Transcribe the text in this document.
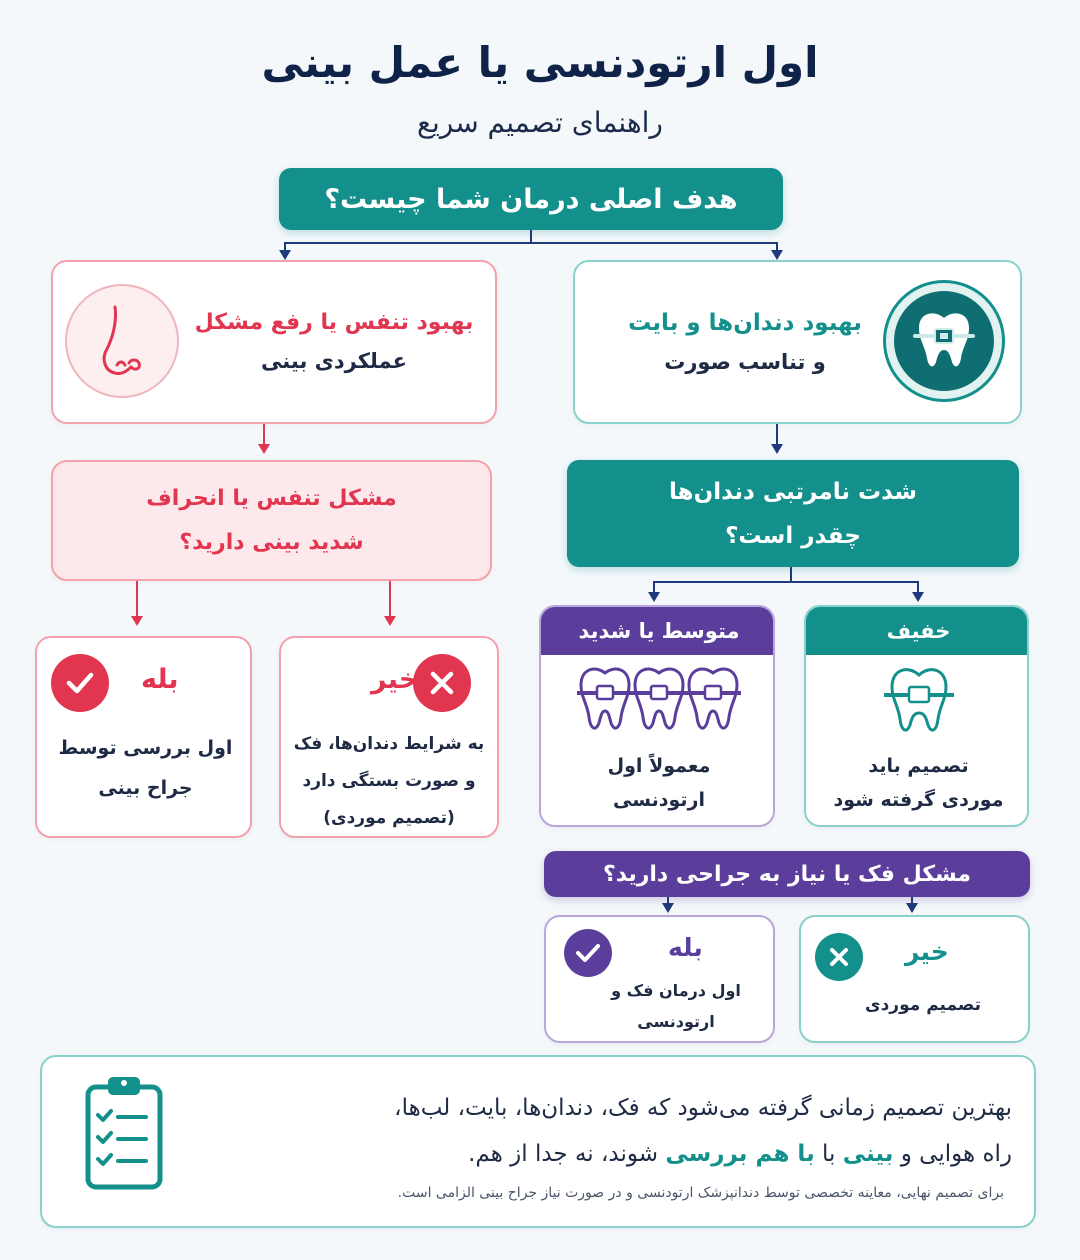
اول ارتودنسی یا عمل بینی
راهنمای تصمیم سریع
هدف اصلی درمان شما چیست؟
بهبود دندان‌ها و بایت
و تناسب صورت
بهبود تنفس یا رفع مشکل
عملکردی بینی
شدت نامرتبی دندان‌ها
چقدر است؟
مشکل تنفس یا انحراف
شدید بینی دارید؟
متوسط یا شدید
معمولاً اول
ارتودنسی
خفیف
تصمیم باید
موردی گرفته شود
خیر
به شرایط دندان‌ها، فک
و صورت بستگی دارد
(تصمیم موردی)
بله
اول بررسی توسط
جراح بینی
مشکل فک یا نیاز به جراحی دارید؟
بله
اول درمان فک و
ارتودنسی
خیر
تصمیم موردی
بهترین تصمیم زمانی گرفته می‌شود که فک، دندان‌ها، بایت، لب‌ها،
راه هوایی و بینی با با هم بررسی شوند، نه جدا از هم.
برای تصمیم نهایی، معاینه تخصصی توسط دندانپزشک ارتودنسی و در صورت نیاز جراح بینی الزامی است.
